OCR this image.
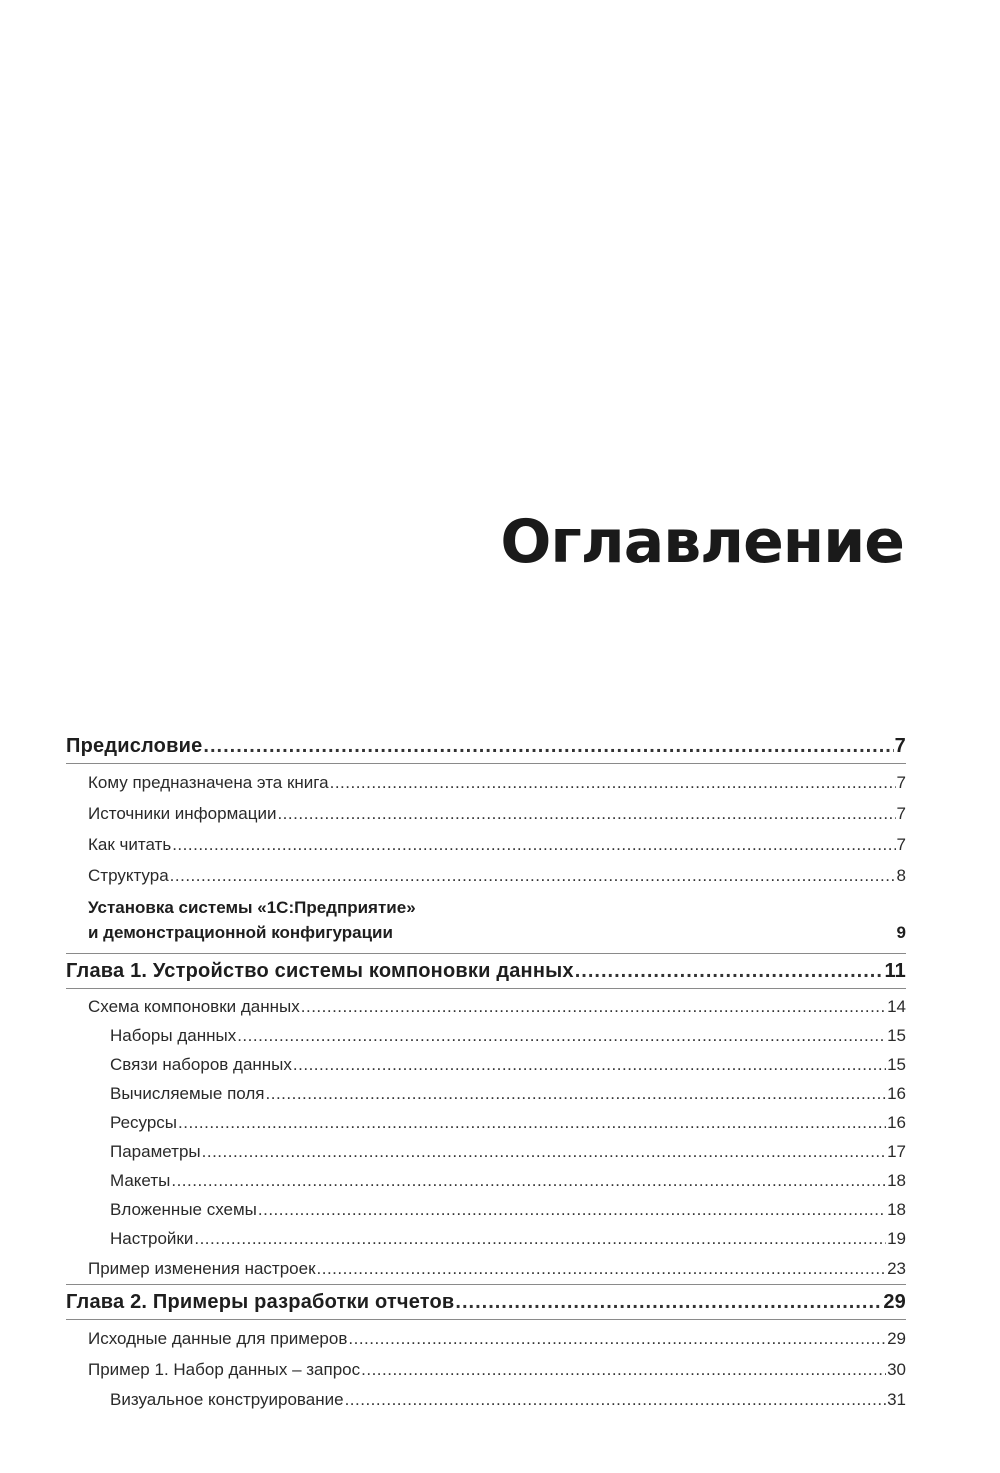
Оглавление
Предисловие .....	7
Кому предназначена эта книга .....	7
Источники информации .....	7
Как читать .....	7
Структура .....	8
Установка системы «1С:Предприятие»
и демонстрационной конфигурации	9
Глава 1. Устройство системы компоновки данных .....	11
Схема компоновки данных .....	14
Наборы данных .....	15
Связи наборов данных .....	15
Вычисляемые поля .....	16
Ресурсы .....	16
Параметры .....	17
Макеты .....	18
Вложенные схемы .....	18
Настройки .....	19
Пример изменения настроек .....	23
Глава 2. Примеры разработки отчетов .....	29
Исходные данные для примеров .....	29
Пример 1. Набор данных – запрос .....	30
Визуальное конструирование .....	31
